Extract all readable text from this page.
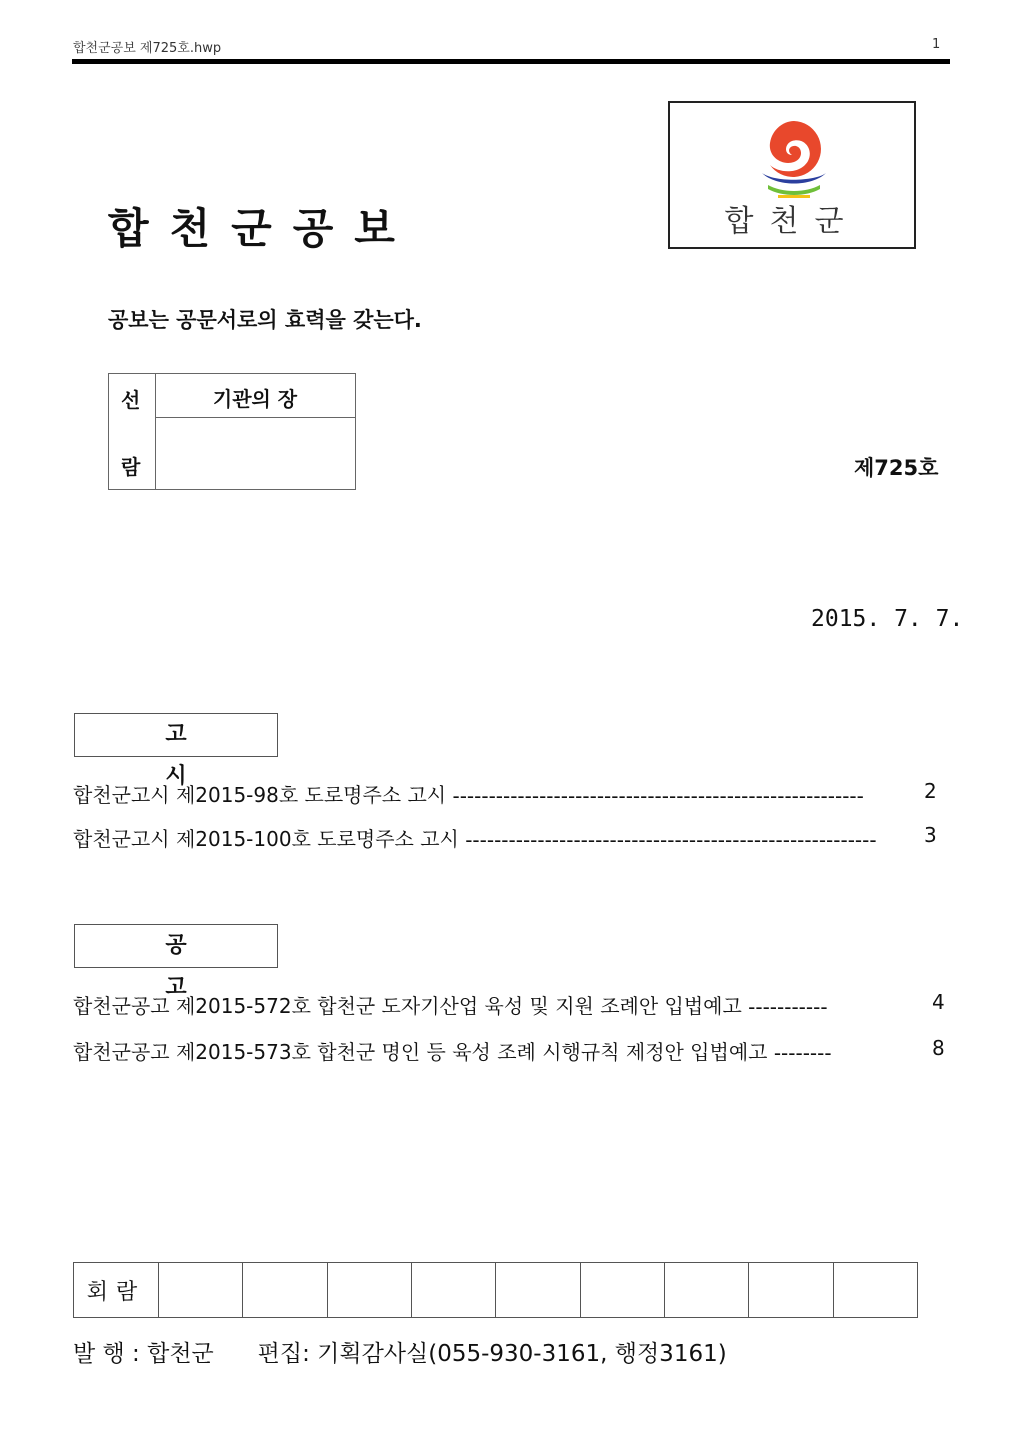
합천군공보 제725호.hwp	1
합천군공보	합천군
공보는 공문서로의 효력을 갖는다.
선
람
기관의 장
제725호
2015. 7. 7.
고 시
합천군고시 제2015-98호 도로명주소 고시 ---------------------------------------------------------	2
합천군고시 제2015-100호 도로명주소 고시 --------------------------------------------------------- 3
공 고
합천군공고 제2015-572호 합천군 도자기산업 육성 및 지원 조례안 입법예고 -----------	4
합천군공고 제2015-573호 합천군 명인 등 육성 조례 시행규칙 제정안 입법예고 --------	8
회람
발 행 : 합천군      편집: 기획감사실(055-930-3161, 행정3161)
